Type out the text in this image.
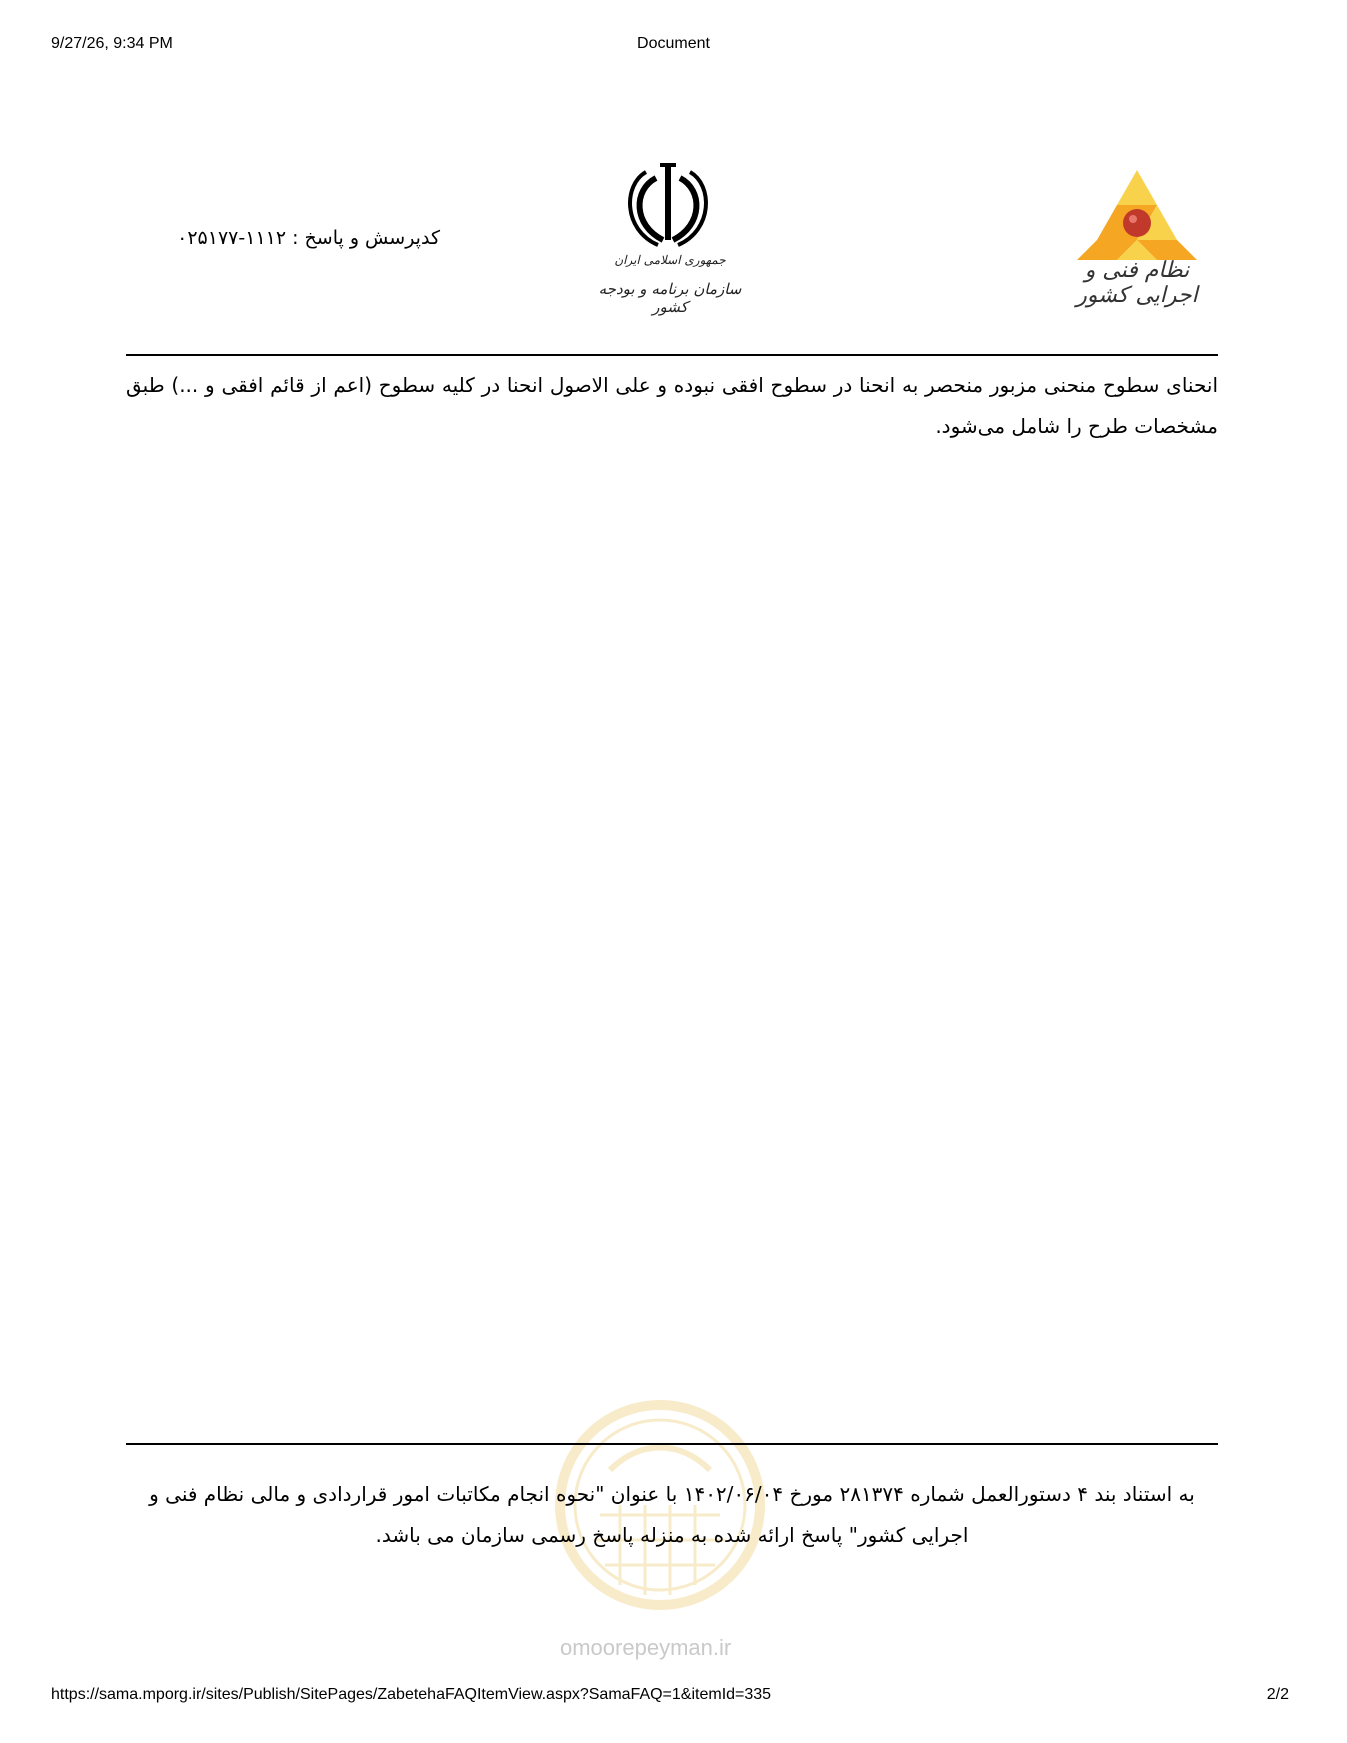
9/27/26, 9:34 PM	Document
نظام فنی و اجرایی کشور
جمهوری اسلامی ایران
سازمان برنامه و بودجه کشور
کدپرسش و پاسخ : ۱۱۱۲-۰۲۵۱۷۷
انحنای سطوح منحنی مزبور منحصر به انحنا در سطوح افقی نبوده و علی الاصول انحنا در کلیه سطوح (اعم از قائم افقی و ...) طبق مشخصات طرح را شامل می‌شود.
omoorepeyman.ir
به استناد بند ۴ دستورالعمل شماره ۲۸۱۳۷۴ مورخ ۱۴۰۲/۰۶/۰۴ با عنوان "نحوه انجام مکاتبات امور قراردادی و مالی نظام فنی و اجرایی کشور" پاسخ ارائه شده به منزله پاسخ رسمی سازمان می باشد.
https://sama.mporg.ir/sites/Publish/SitePages/ZabetehaFAQItemView.aspx?SamaFAQ=1&itemId=335	2/2
